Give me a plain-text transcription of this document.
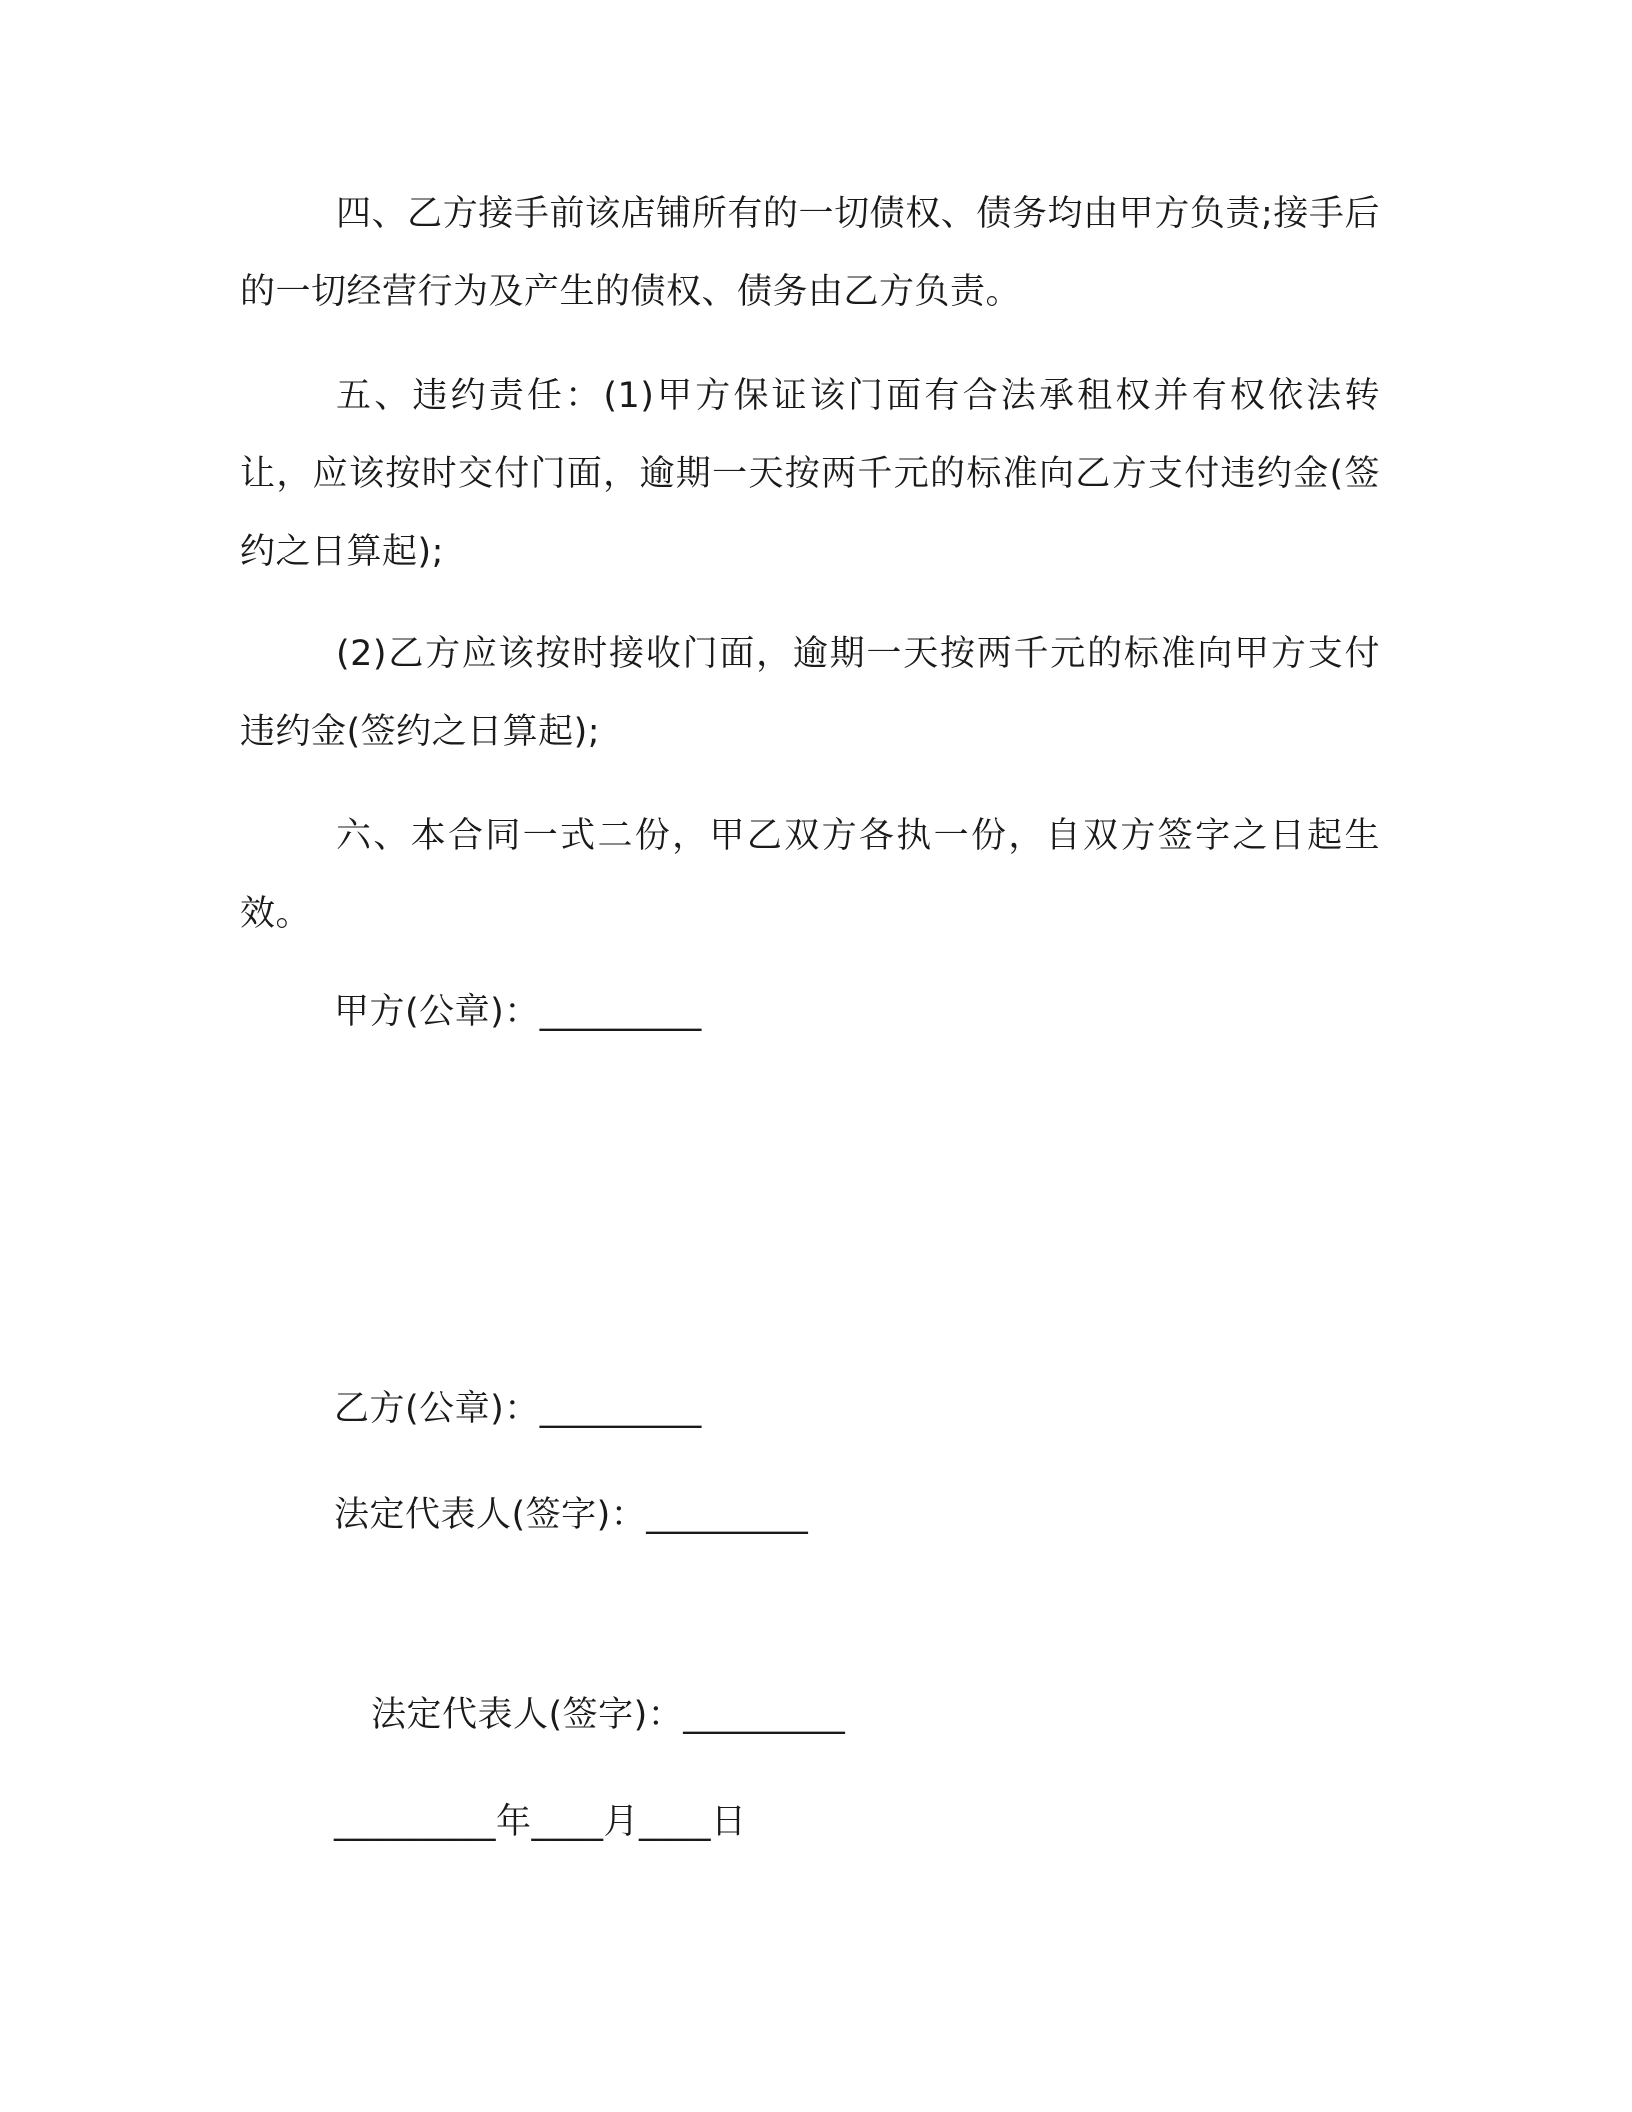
四、乙方接手前该店铺所有的一切债权、债务均由甲方负责;接手后的一切经营行为及产生的债权、债务由乙方负责。

五、违约责任：(1)甲方保证该门面有合法承租权并有权依法转让，应该按时交付门面，逾期一天按两千元的标准向乙方支付违约金(签约之日算起);

(2)乙方应该按时接收门面，逾期一天按两千元的标准向甲方支付违约金(签约之日算起);

六、本合同一式二份，甲乙双方各执一份，自双方签字之日起生效。

甲方(公章)：_________

乙方(公章)：_________

法定代表人(签字)：_________

法定代表人(签字)：_________

_________年____月____日
